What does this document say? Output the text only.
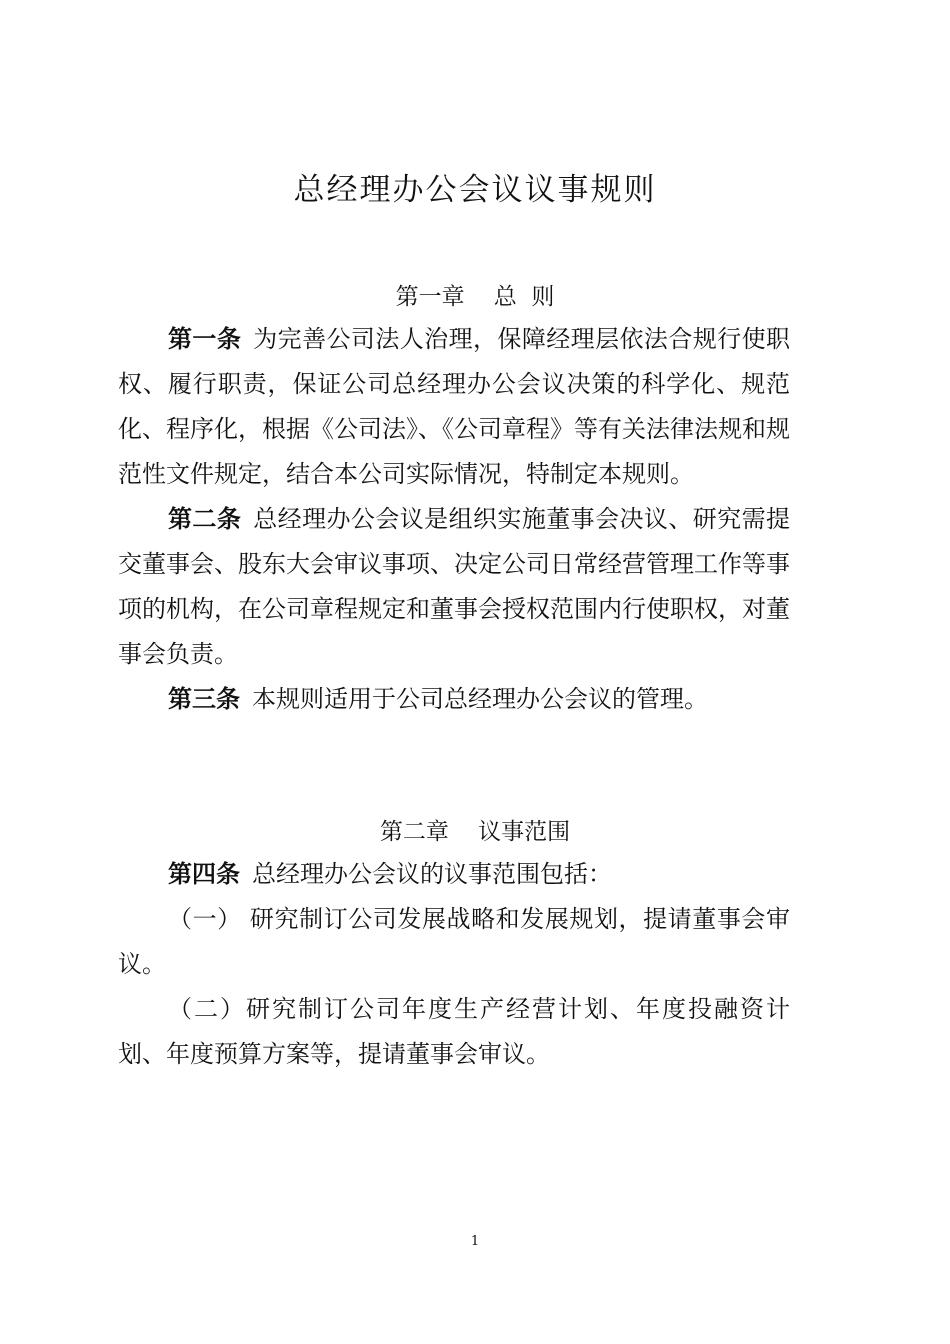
总经理办公会议议事规则
第一章    总  则

第一条 为完善公司法人治理，保障经理层依法合规行使职权、履行职责，保证公司总经理办公会议决策的科学化、规范化、程序化，根据《公司法》、《公司章程》等有关法律法规和规范性文件规定，结合本公司实际情况，特制定本规则。

第二条 总经理办公会议是组织实施董事会决议、研究需提交董事会、股东大会审议事项、决定公司日常经营管理工作等事项的机构，在公司章程规定和董事会授权范围内行使职权，对董事会负责。

第三条 本规则适用于公司总经理办公会议的管理。

第二章    议事范围

第四条 总经理办公会议的议事范围包括：

（一） 研究制订公司发展战略和发展规划，提请董事会审议。

（二）研究制订公司年度生产经营计划、年度投融资计划、年度预算方案等，提请董事会审议。

1
